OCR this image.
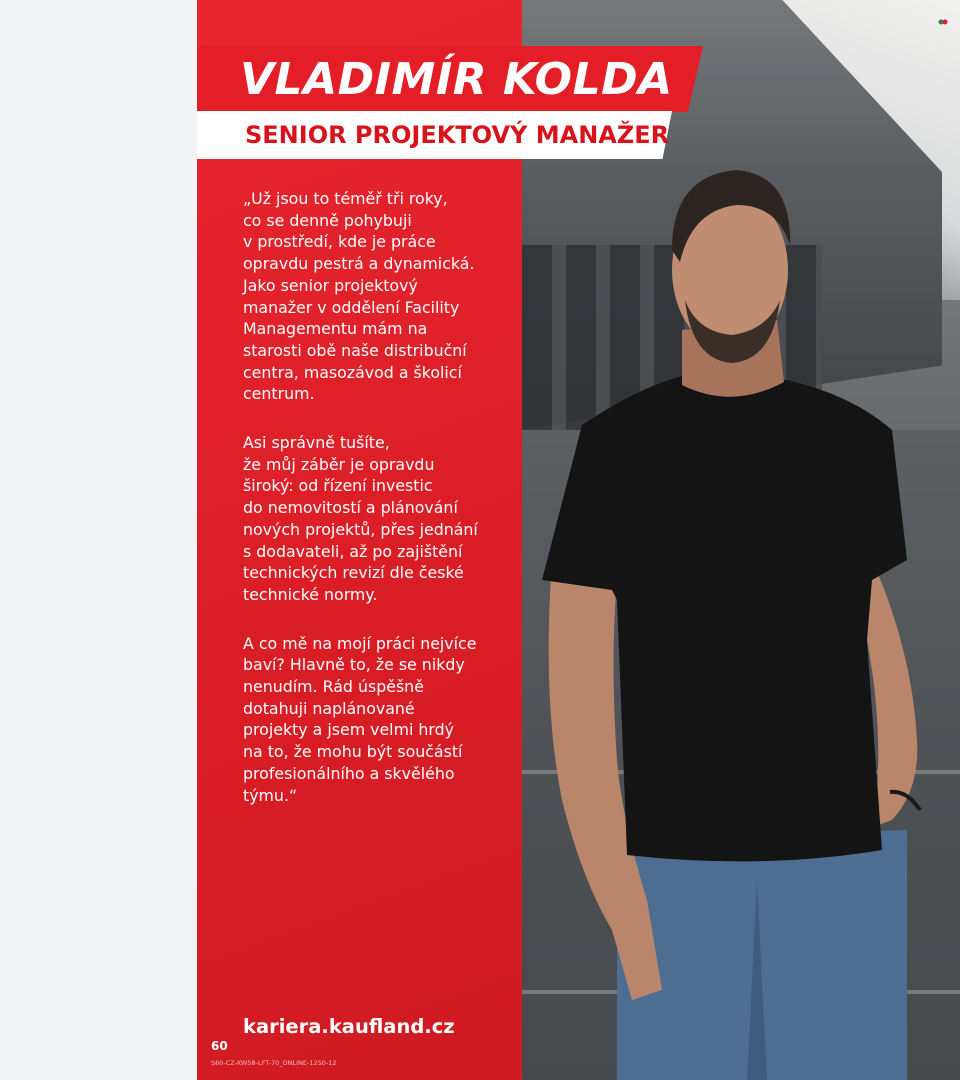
VLADIMÍR KOLDA
SENIOR PROJEKTOVÝ MANAŽER

„Už jsou to téměř tři roky,
co se denně pohybuji
v prostředí, kde je práce
opravdu pestrá a dynamická.
Jako senior projektový
manažer v oddělení Facility
Managementu mám na
starosti obě naše distribuční
centra, masozávod a školicí
centrum.

Asi správně tušíte,
že můj záběr je opravdu
široký: od řízení investic
do nemovitostí a plánování
nových projektů, přes jednání
s dodavateli, až po zajištění
technických revizí dle české
technické normy.

A co mě na mojí práci nejvíce
baví? Hlavně to, že se nikdy
nenudím. Rád úspěšně
dotahuji naplánované
projekty a jsem velmi hrdý
na to, že mohu být součástí
profesionálního a skvělého
týmu.“

kariera.kaufland.cz
60
S60-CZ-KW58-LFT-70_ONLINE-1250-12
